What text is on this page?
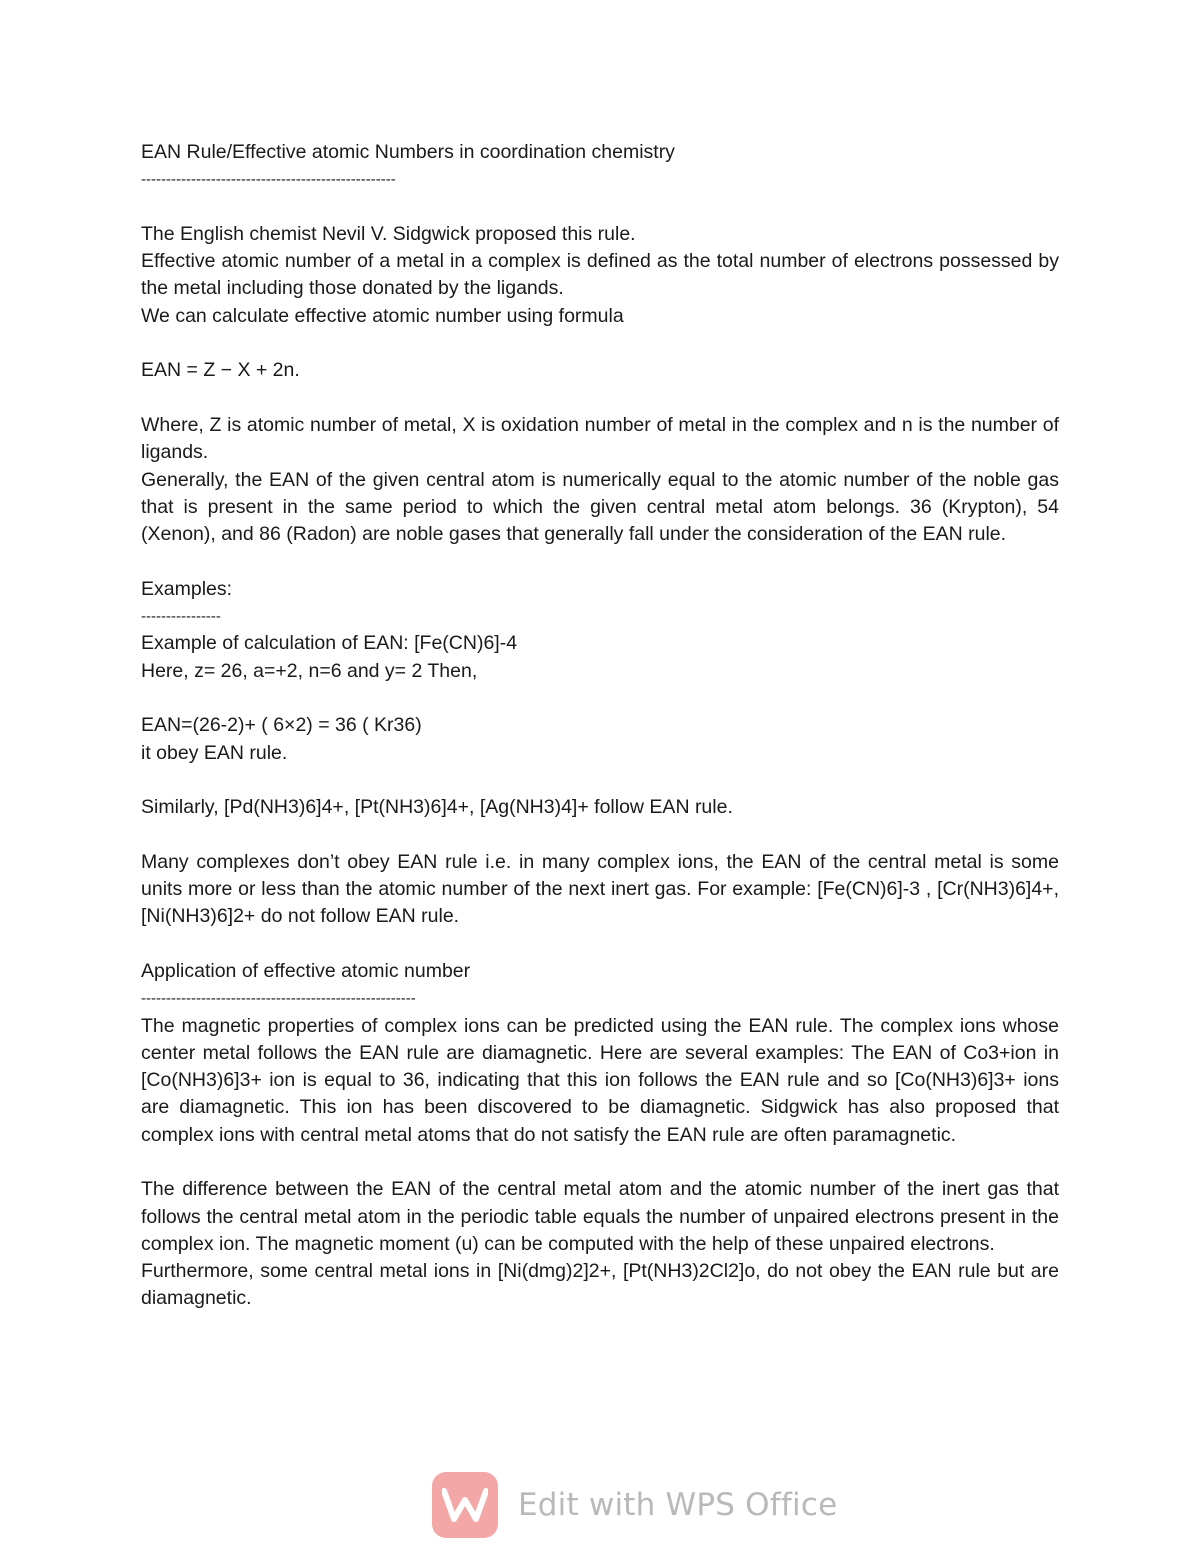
EAN Rule/Effective atomic Numbers in coordination chemistry

---------------------------------------------------

The English chemist Nevil V. Sidgwick proposed this rule.

Effective atomic number of a metal in a complex is defined as the total number of electrons possessed by the metal including those donated by the ligands.

We can calculate effective atomic number using formula

EAN = Z − X + 2n.

Where, Z is atomic number of metal, X is oxidation number of metal in the complex and n is the number of ligands.

Generally, the EAN of the given central atom is numerically equal to the atomic number of the noble gas that is present in the same period to which the given central metal atom belongs. 36 (Krypton), 54 (Xenon), and 86 (Radon) are noble gases that generally fall under the consideration of the EAN rule.

Examples:

----------------

Example of calculation of EAN: [Fe(CN)6]-4

Here, z= 26, a=+2, n=6 and y= 2 Then,

EAN=(26-2)+ ( 6×2) = 36 ( Kr36)

it obey EAN rule.

Similarly, [Pd(NH3)6]4+, [Pt(NH3)6]4+, [Ag(NH3)4]+ follow EAN rule.

Many complexes don’t obey EAN rule i.e. in many complex ions, the EAN of the central metal is some units more or less than the atomic number of the next inert gas. For example: [Fe(CN)6]-3 , [Cr(NH3)6]4+,[Ni(NH3)6]2+ do not follow EAN rule.

Application of effective atomic number

-------------------------------------------------------

The magnetic properties of complex ions can be predicted using the EAN rule. The complex ions whose center metal follows the EAN rule are diamagnetic. Here are several examples: The EAN of Co3+ion in [Co(NH3)6]3+ ion is equal to 36, indicating that this ion follows the EAN rule and so [Co(NH3)6]3+ ions are diamagnetic. This ion has been discovered to be diamagnetic. Sidgwick has also proposed that complex ions with central metal atoms that do not satisfy the EAN rule are often paramagnetic.

The difference between the EAN of the central metal atom and the atomic number of the inert gas that follows the central metal atom in the periodic table equals the number of unpaired electrons present in the complex ion. The magnetic moment (u) can be computed with the help of these unpaired electrons.

Furthermore, some central metal ions in [Ni(dmg)2]2+, [Pt(NH3)2Cl2]o, do not obey the EAN rule but are diamagnetic.

Edit with WPS Office
